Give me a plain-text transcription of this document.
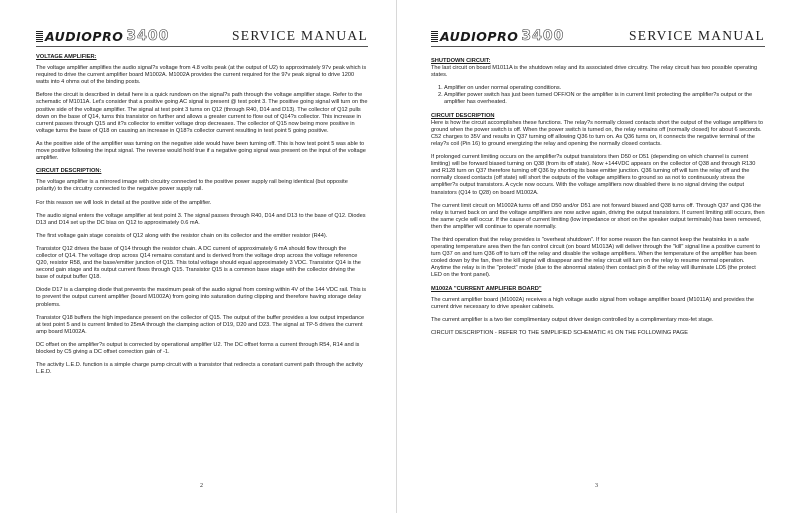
AUDIOPRO 3400	SERVICE MANUAL

VOLTAGE AMPLIFIER:

The voltage amplifier amplifies the audio signal?s voltage from 4.8 volts peak (at the output of U2) to approximately 97v peak which is required to drive the current amplifier board M1002A. M1002A provides the current required for the 97v peak signal to drive 1200 watts into 4 ohms out of the binding posts.

Before the circuit is described in detail here is a quick rundown on the signal?s path through the voltage amplifier stage. Refer to the schematic of M1011A. Let's consider that a positive going AC signal is present @ test point 3. The positive going signal will turn on the positive side of the voltage amplifier. The signal at test point 3 turns on Q12 (through R40, D14 and D13). The collector of Q12 pulls down on the base of Q14, turns this transistor on further and allows a greater current to flow out of Q14?s collector. This increase in current passes through Q15 and it?s collector to emitter voltage drop decreases. The collector of Q15 now being more positive in voltage turns the base of Q18 on causing an increase in Q18?s collector current resulting in test point 5 going positive.

As the positive side of the amplifier was turning on the negative side would have been turning off. This is how test point 5 was able to move positive following the input signal. The reverse would hold true if a negative going signal was present on the input of the voltage amplifier.

CIRCUIT DESCRIPTION:

The voltage amplifier is a mirrored image with circuitry connected to the positive power supply rail being identical (but opposite polarity) to the circuitry connected to the negative power supply rail.

For this reason we will look in detail at the positive side of the amplifier.

The audio signal enters the voltage amplifier at test point 3. The signal passes through R40, D14 and D13 to the base of Q12. Diodes D13 and D14 set up the DC bias on Q12 to approximately 0.6 mA.

The first voltage gain stage consists of Q12 along with the resistor chain on its collector and the emitter resistor (R44).

Transistor Q12 drives the base of Q14 through the resistor chain. A DC current of approximately 6 mA should flow through the collector of Q14. The voltage drop across Q14 remains constant and is derived from the voltage drop across the voltage reference Q20, resistor R58, and the base/emitter junction of Q15. This total voltage should equal approximately 3 VDC. Transistor Q14 is the second gain stage and its output current flows through Q15. Transistor Q15 is a common base stage with the collector driving the base of output buffer Q18.

Diode D17 is a clamping diode that prevents the maximum peak of the audio signal from coming within 4V of the 144 VDC rail. This is to prevent the output current amplifier (board M1002A) from going into saturation during clipping and therefore having storage delay problems.

Transistor Q18 buffers the high impedance present on the collector of Q15. The output of the buffer provides a low output impedance at test point 5 and is current limited to 25mA through the clamping action of D19, D20 and D23. The signal at TP-5 drives the current amp board M1002A.

DC offset on the amplifier?s output is corrected by operational amplifier U2. The DC offset forms a current through R54, R14 and is blocked by C5 giving a DC offset correction gain of -1.

The activity L.E.D. function is a simple charge pump circuit with a transistor that redirects a constant current path through the activity L.E.D.

2
AUDIOPRO 3400	SERVICE MANUAL

SHUTDOWN CIRCUIT:

The last circuit on board M1011A is the shutdown relay and its associated drive circuitry. The relay circuit has two possible operating states.

1. Amplifier on under normal operating conditions.
2. Amplifier power switch has just been turned OFF/ON or the amplifier is in current limit protecting the amplifier?s output or the amplifier has overheated.

CIRCUIT DESCRIPTION

Here is how the circuit accomplishes these functions. The relay?s normally closed contacts short the output of the voltage amplifiers to ground when the power switch is off. When the power switch is turned on, the relay remains off (normally closed) for about 6 seconds. C52 charges to 35V and results in Q37 turning off allowing Q36 to turn on. As Q36 turns on, it connects the negative terminal of the relay?s coil (Pin 16) to ground energizing the relay and opening the normally closed contacts.

If prolonged current limiting occurs on the amplifier?s output transistors then D50 or D51 (depending on which channel is current limiting) will be forward biased turning on Q38 (from its off state). Now +144VDC appears on the collector of Q38 and through R130 and R128 turn on Q37 therefore turning off Q36 by shorting its base emitter junction. Q36 turning off will turn the relay off and the normally closed contacts (off state) will short the outputs of the voltage amplifiers to ground so as not to continuously stress the amplifier?s output transistors. A cycle now occurs. With the voltage amplifiers now disabled there is no signal driving the output transistors (Q14 to Q28) on board M1002A.

The current limit circuit on M1002A turns off and D50 and/or D51 are not forward biased and Q38 turns off. Through Q37 and Q36 the relay is turned back on and the voltage amplifiers are now active again, driving the output transistors. If current limiting still occurs, then the same cycle will occur. If the cause of current limiting (low impedance or short on the speaker output terminals) has been removed, then the amplifier will continue to operate normally.

The third operation that the relay provides is "overheat shutdown". If for some reason the fan cannot keep the heatsinks in a safe operating temperature area then the fan control circuit (on board M1013A) will deliver through the "kill" signal line a positive current to turn Q37 on and turn Q36 off to turn off the relay and disable the voltage amplifiers. When the temperature of the amplifier has been cooled down by the fan, then the kill signal will disappear and the relay circuit will turn on the relay to resume normal operation. Anytime the relay is in the "protect" mode (due to the abnormal states) then contact pin 8 of the relay will illuminate LD5 (the protect LED on the front panel).

M1002A "CURRENT AMPLIFIER BOARD"

The current amplifier board (M1002A) receives a high voltage audio signal from voltage amplifier board (M1011A) and provides the current drive necessary to drive speaker cabinets.

The current amplifier is a two tier complimentary output driver design controlled by a complimentary mos-fet stage.

CIRCUIT DESCRIPTION - REFER TO THE SIMPLIFIED SCHEMATIC #1 ON THE FOLLOWING PAGE

3
